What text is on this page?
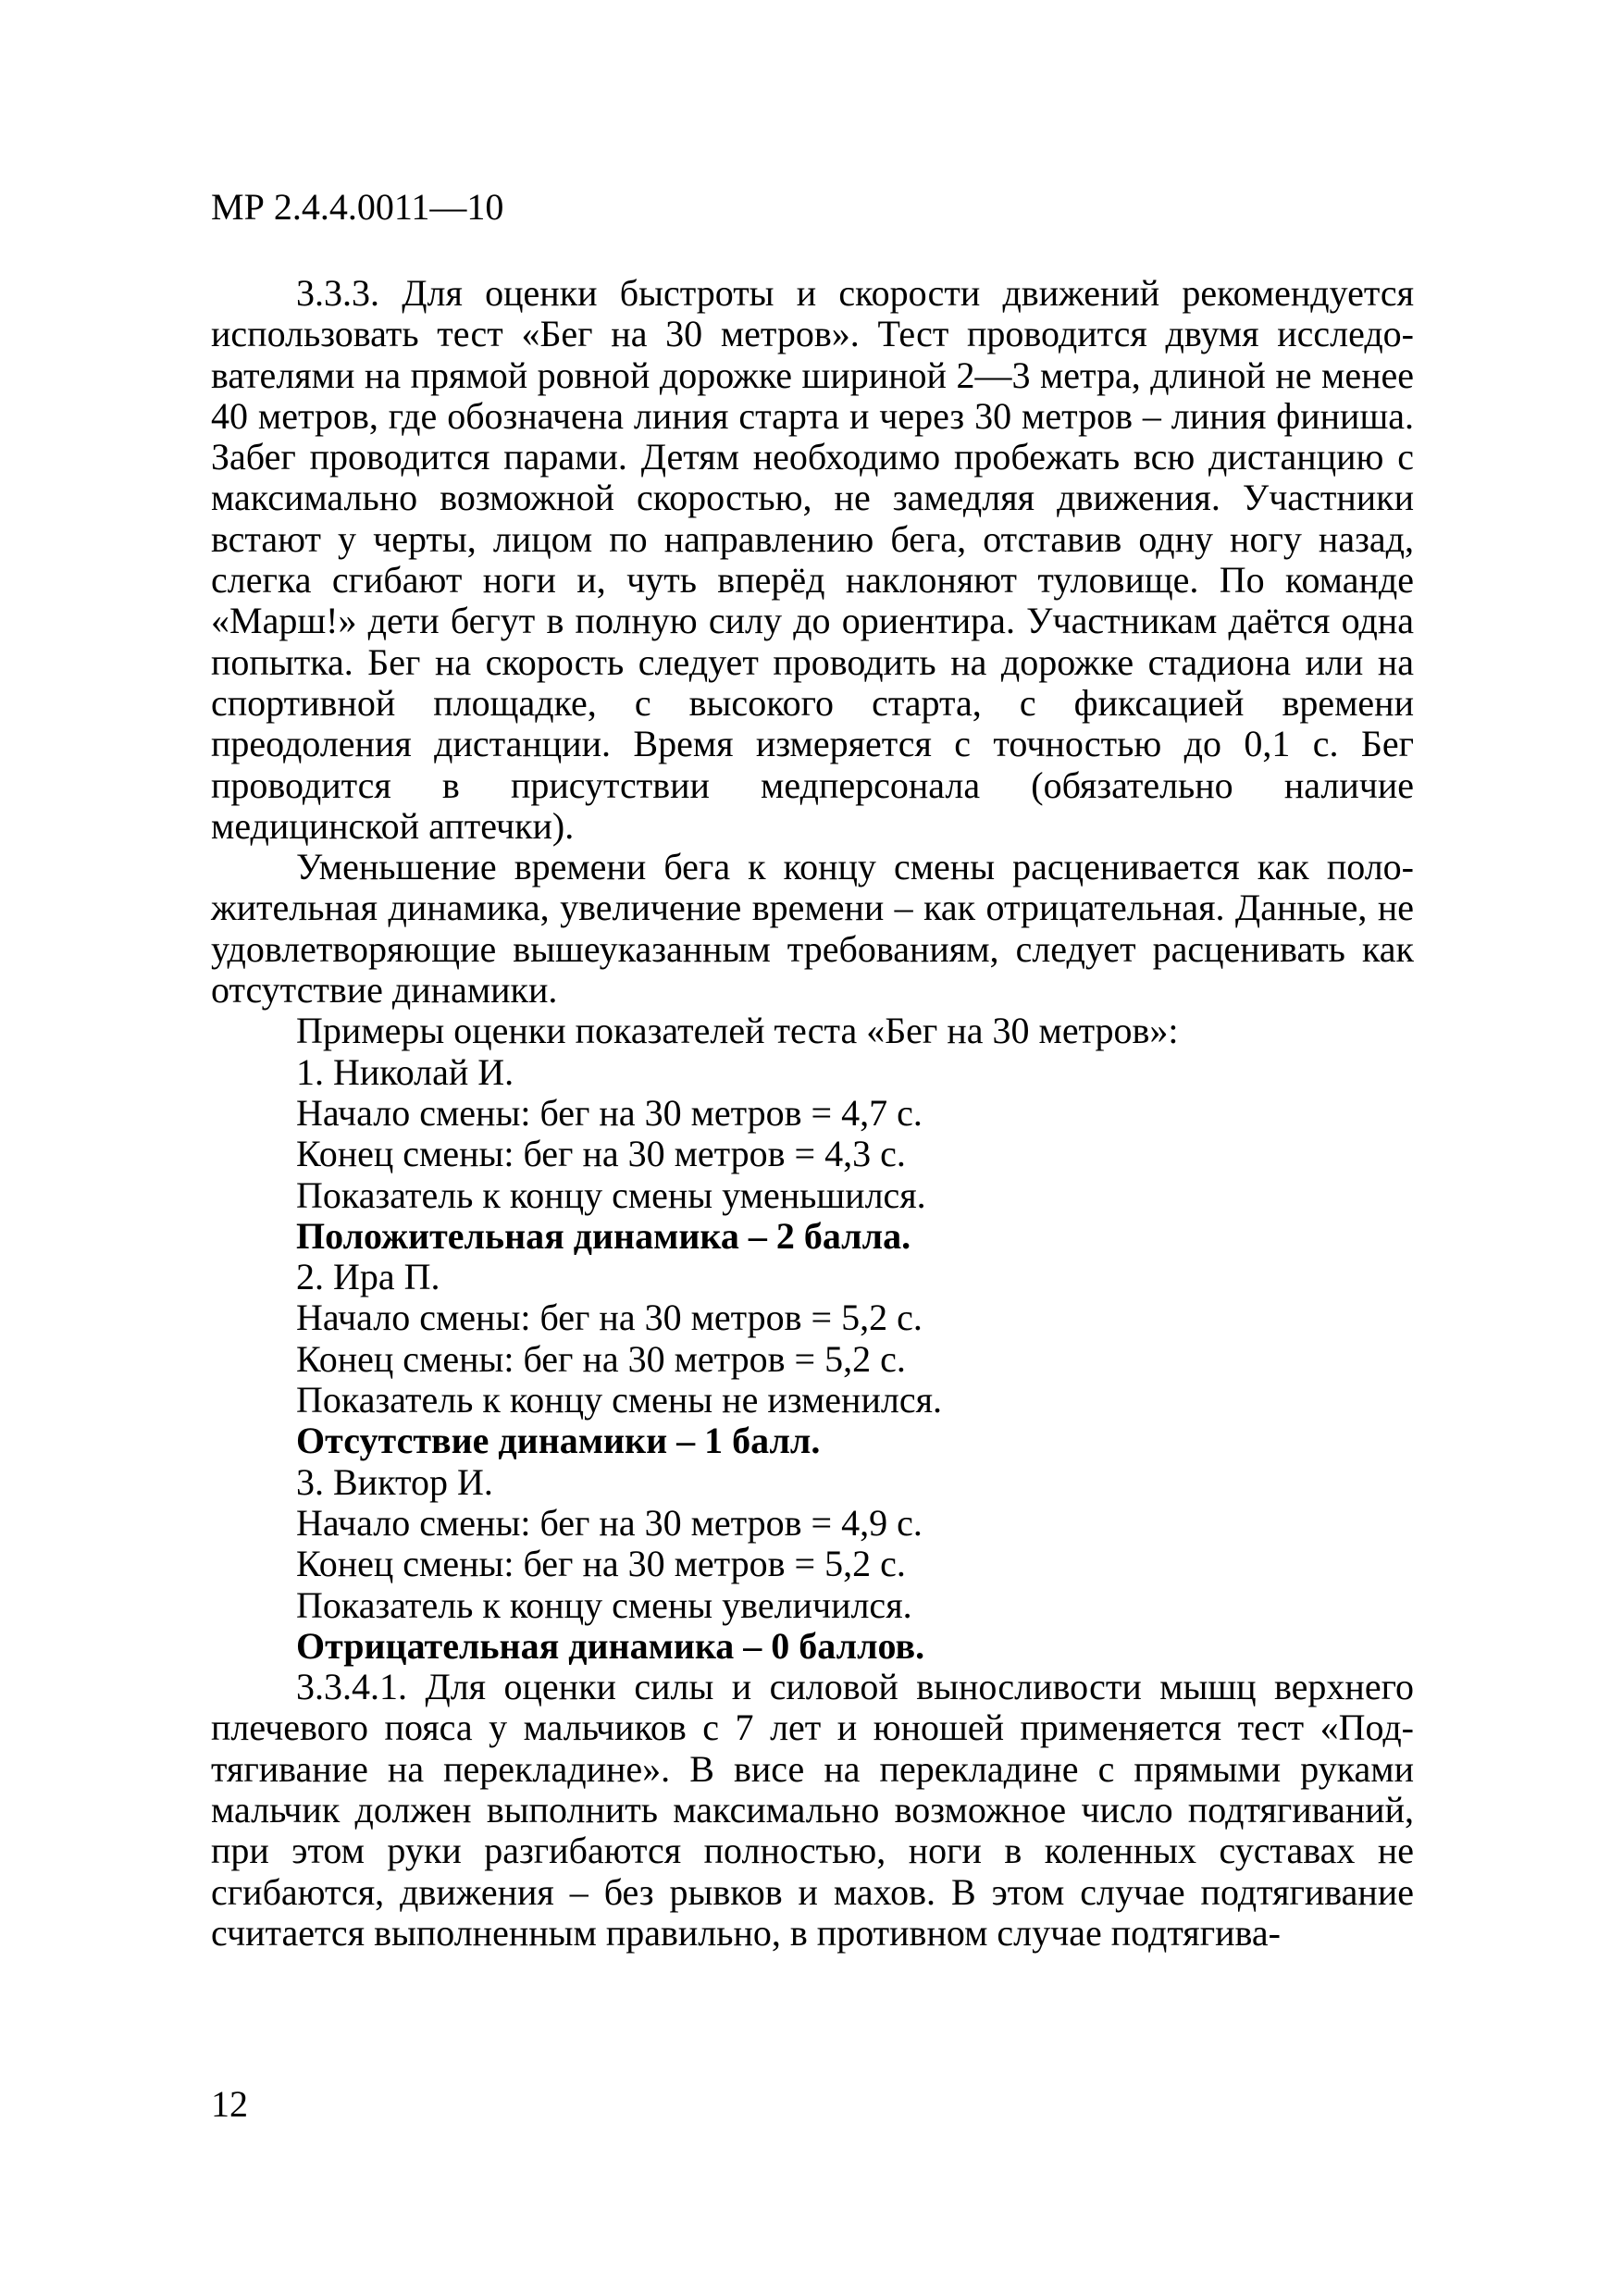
МР 2.4.4.0011—10

3.3.3. Для оценки быстроты и скорости движений рекомендуется использовать тест «Бег на 30 метров». Тест проводится двумя исследователями на прямой ровной дорожке шириной 2—3 метра, длиной не менее 40 метров, где обозначена линия старта и через 30 метров – линия финиша. Забег проводится парами. Детям необходимо пробежать всю дистанцию с максимально возможной скоростью, не замедляя движения. Участники встают у черты, лицом по направлению бега, отставив одну ногу назад, слегка сгибают ноги и, чуть вперёд наклоняют туловище. По команде «Марш!» дети бегут в полную силу до ориентира. Участникам даётся одна попытка. Бег на скорость следует проводить на дорожке стадиона или на спортивной площадке, с высокого старта, с фиксацией времени преодоления дистанции. Время измеряется с точностью до 0,1 с. Бег проводится в присутствии медперсонала (обязательно наличие медицинской аптечки).

Уменьшение времени бега к концу смены расценивается как положительная динамика, увеличение времени – как отрицательная. Данные, не удовлетворяющие вышеуказанным требованиям, следует расценивать как отсутствие динамики.

Примеры оценки показателей теста «Бег на 30 метров»:

1. Николай И.

Начало смены: бег на 30 метров = 4,7 с.

Конец смены: бег на 30 метров = 4,3 с.

Показатель к концу смены уменьшился.

Положительная динамика – 2 балла.

2. Ира П.

Начало смены: бег на 30 метров = 5,2 с.

Конец смены: бег на 30 метров = 5,2 с.

Показатель к концу смены не изменился.

Отсутствие динамики – 1 балл.

3. Виктор И.

Начало смены: бег на 30 метров = 4,9 с.

Конец смены: бег на 30 метров = 5,2 с.

Показатель к концу смены увеличился.

Отрицательная динамика – 0 баллов.

3.3.4.1. Для оценки силы и силовой выносливости мышц верхнего плечевого пояса у мальчиков с 7 лет и юношей применяется тест «Подтягивание на перекладине». В висе на перекладине с прямыми руками мальчик должен выполнить максимально возможное число подтягиваний, при этом руки разгибаются полностью, ноги в коленных суставах не сгибаются, движения – без рывков и махов. В этом случае подтягивание считается выполненным правильно, в противном случае подтягива-

12
